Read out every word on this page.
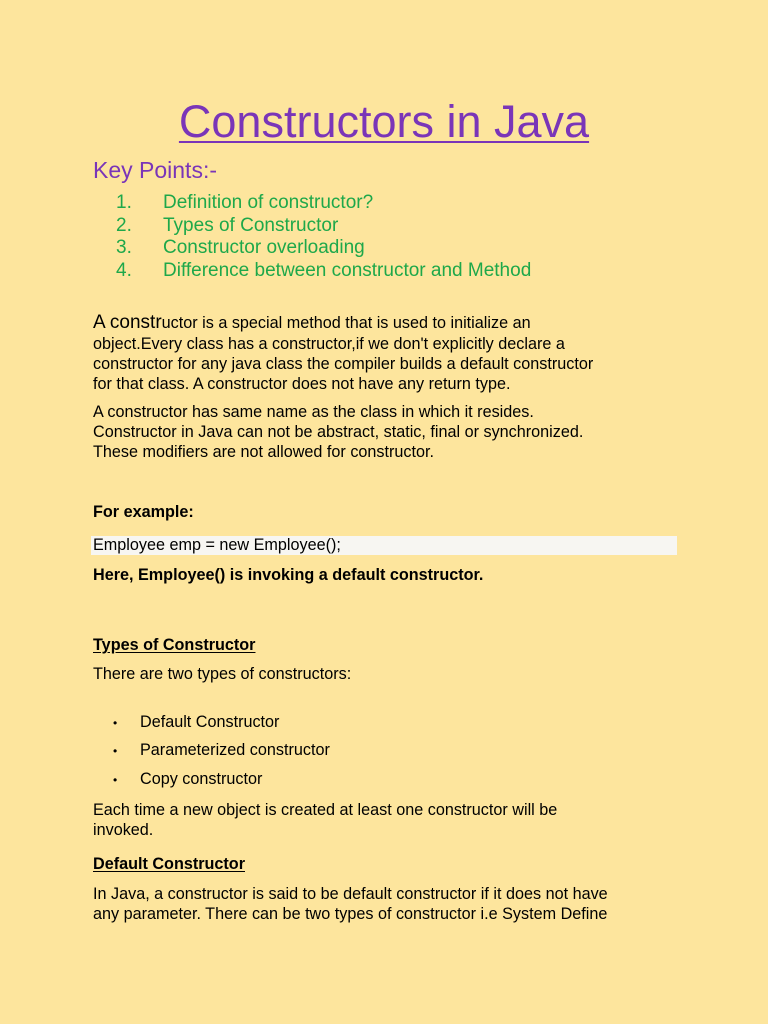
Constructors in Java
Key Points:-
1.	Definition of constructor?
2.	Types of Constructor
3.	Constructor overloading
4.	Difference between constructor and Method
A constructor is a special method that is used to initialize an
object.Every class has a constructor,if we don't explicitly declare a
constructor for any java class the compiler builds a default constructor
for that class. A constructor does not have any return type.
A constructor has same name as the class in which it resides.
Constructor in Java can not be abstract, static, final or synchronized.
These modifiers are not allowed for constructor.
For example:
Employee emp = new Employee();
Here, Employee() is invoking a default constructor.
Types of Constructor
There are two types of constructors:
•	Default Constructor
•	Parameterized constructor
•	Copy constructor
Each time a new object is created at least one constructor will be
invoked.
Default Constructor
In Java, a constructor is said to be default constructor if it does not have
any parameter. There can be two types of constructor i.e System Define
